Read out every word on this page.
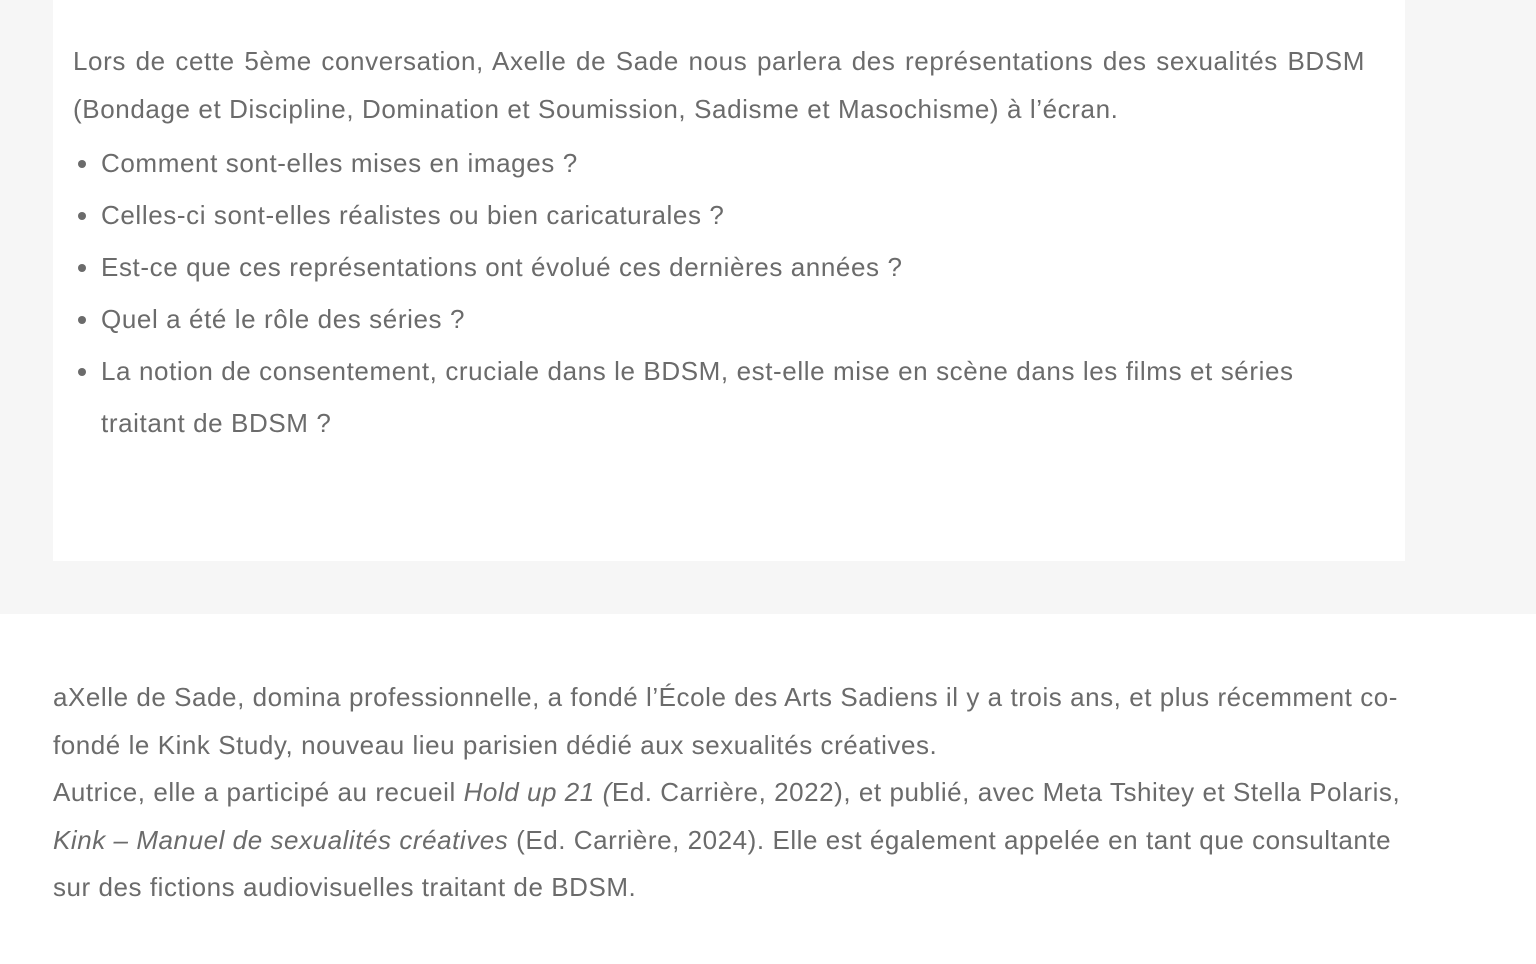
Lors de cette 5ème conversation, Axelle de Sade nous parlera des représentations des sexualités BDSM (Bondage et Discipline, Domination et Soumission, Sadisme et Masochisme) à l’écran.

• Comment sont-elles mises en images ?
• Celles-ci sont-elles réalistes ou bien caricaturales ?
• Est-ce que ces représentations ont évolué ces dernières années ?
• Quel a été le rôle des séries ?
• La notion de consentement, cruciale dans le BDSM, est-elle mise en scène dans les films et séries traitant de BDSM ?
aXelle de Sade, domina professionnelle, a fondé l’École des Arts Sadiens il y a trois ans, et plus récemment co-fondé le Kink Study, nouveau lieu parisien dédié aux sexualités créatives.
Autrice, elle a participé au recueil Hold up 21 (Ed. Carrière, 2022), et publié, avec Meta Tshitey et Stella Polaris, Kink – Manuel de sexualités créatives (Ed. Carrière, 2024). Elle est également appelée en tant que consultante sur des fictions audiovisuelles traitant de BDSM.
